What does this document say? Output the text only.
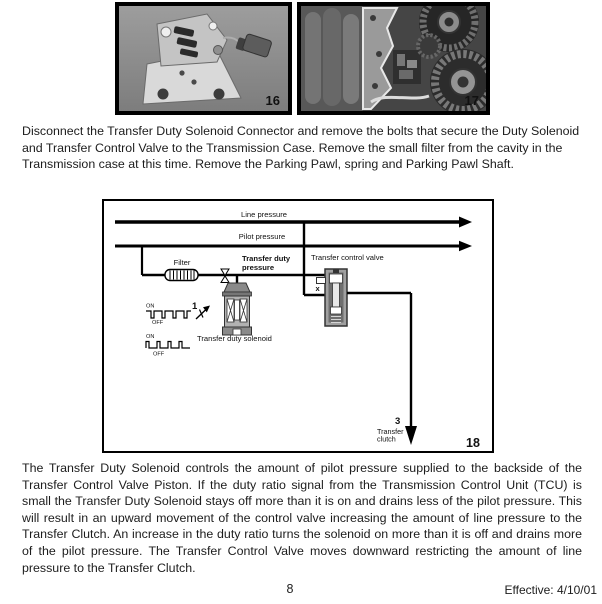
16	17
Disconnect the Transfer Duty Solenoid Connector and remove the bolts that secure the Duty Solenoid and Transfer Control Valve to the Transmission Case. Remove the small filter from the cavity in the Transmission case at this time. Remove the Parking Pawl, spring and Parking Pawl Shaft.
Line pressure
Pilot pressure
Filter	Transfer duty
pressure
Transfer duty solenoid
ON
OFF
1
ON
OFF
Transfer control valve
x
3
Transfer
clutch	18
The Transfer Duty Solenoid controls the amount of pilot pressure supplied to the backside of the Transfer Control Valve Piston. If the duty ratio signal from the Transmission Control Unit (TCU) is small the Transfer Duty Solenoid stays off more than it is on and drains less of the pilot pressure. This will result in an upward movement of the control valve increasing the amount of line pressure to the Transfer Clutch. An increase in the duty ratio turns the solenoid on more than it is off and drains more of the pilot pressure. The Transfer Control Valve moves downward restricting the amount of line pressure to the Transfer Clutch.
8	Effective: 4/10/01
